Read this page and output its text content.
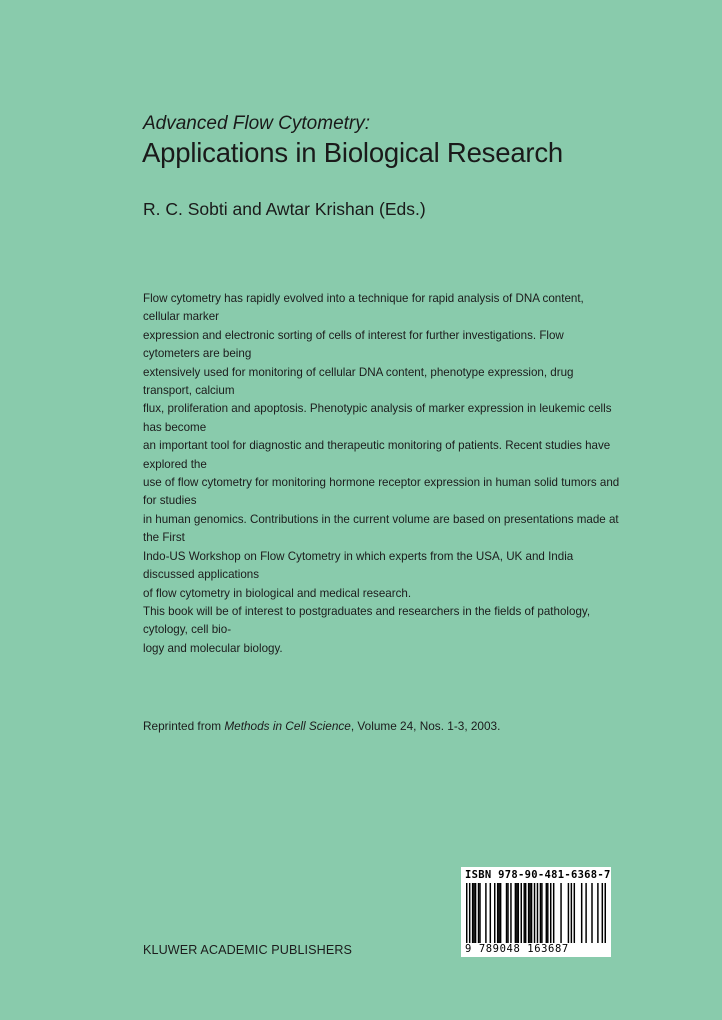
Advanced Flow Cytometry:
Applications in Biological Research
R. C. Sobti and Awtar Krishan (Eds.)

Flow cytometry has rapidly evolved into a technique for rapid analysis of DNA content, cellular marker
expression and electronic sorting of cells of interest for further investigations. Flow cytometers are being
extensively used for monitoring of cellular DNA content, phenotype expression, drug transport, calcium
flux, proliferation and apoptosis. Phenotypic analysis of marker expression in leukemic cells has become
an important tool for diagnostic and therapeutic monitoring of patients. Recent studies have explored the
use of flow cytometry for monitoring hormone receptor expression in human solid tumors and for studies
in human genomics. Contributions in the current volume are based on presentations made at the First
Indo-US Workshop on Flow Cytometry in which experts from the USA, UK and India discussed applications
of flow cytometry in biological and medical research.

This book will be of interest to postgraduates and researchers in the fields of pathology, cytology, cell bio-
logy and molecular biology.

Reprinted from Methods in Cell Science, Volume 24, Nos. 1-3, 2003.
KLUWER ACADEMIC PUBLISHERS
ISBN 978-90-481-6368-7
9 789048 163687
